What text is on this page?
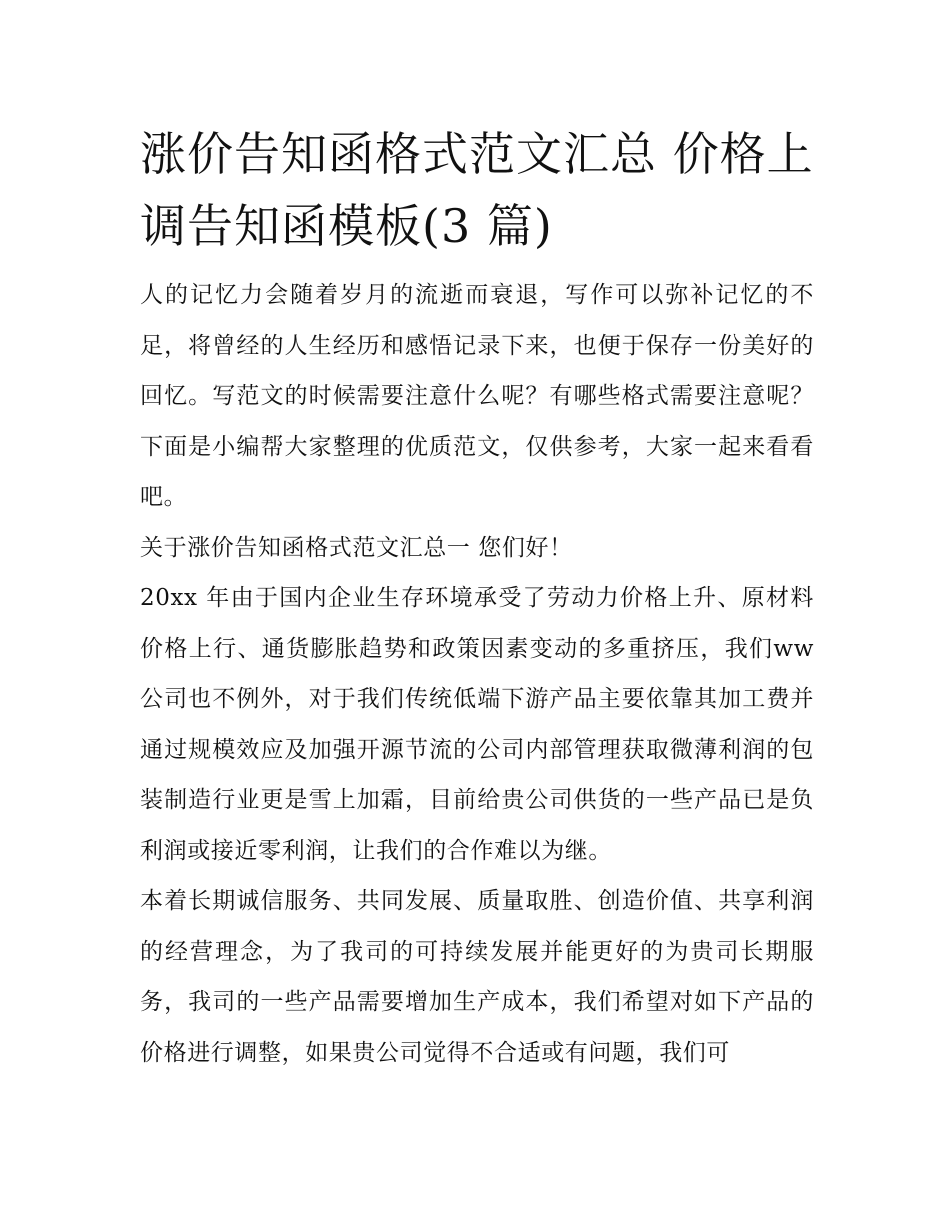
涨价告知函格式范文汇总 价格上调告知函模板(3 篇)

人的记忆力会随着岁月的流逝而衰退，写作可以弥补记忆的不足，将曾经的人生经历和感悟记录下来，也便于保存一份美好的回忆。写范文的时候需要注意什么呢？有哪些格式需要注意呢？下面是小编帮大家整理的优质范文，仅供参考，大家一起来看看吧。

关于涨价告知函格式范文汇总一 您们好！

20xx 年由于国内企业生存环境承受了劳动力价格上升、原材料价格上行、通货膨胀趋势和政策因素变动的多重挤压，我们ww 公司也不例外，对于我们传统低端下游产品主要依靠其加工费并通过规模效应及加强开源节流的公司内部管理获取微薄利润的包装制造行业更是雪上加霜，目前给贵公司供货的一些产品已是负利润或接近零利润，让我们的合作难以为继。

本着长期诚信服务、共同发展、质量取胜、创造价值、共享利润的经营理念，为了我司的可持续发展并能更好的为贵司长期服务，我司的一些产品需要增加生产成本，我们希望对如下产品的价格进行调整，如果贵公司觉得不合适或有问题，我们可
